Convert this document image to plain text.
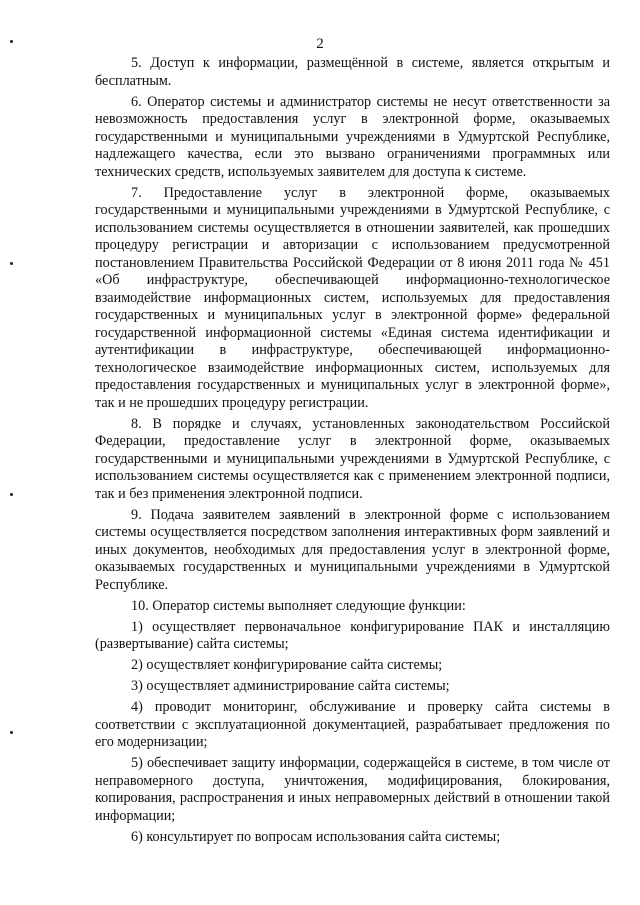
2

5. Доступ к информации, размещённой в системе, является открытым и бесплатным.

6. Оператор системы и администратор системы не несут ответственности за невозможность предоставления услуг в электронной форме, оказываемых государственными и муниципальными учреждениями в Удмуртской Республике, надлежащего качества, если это вызвано ограничениями программных или технических средств, используемых заявителем для доступа к системе.

7. Предоставление услуг в электронной форме, оказываемых государственными и муниципальными учреждениями в Удмуртской Республике, с использованием системы осуществляется в отношении заявителей, как прошедших процедуру регистрации и авторизации с использованием предусмотренной постановлением Правительства Российской Федерации от 8 июня 2011 года № 451 «Об инфраструктуре, обеспечивающей информационно-технологическое взаимодействие информационных систем, используемых для предоставления государственных и муниципальных услуг в электронной форме» федеральной государственной информационной системы «Единая система идентификации и аутентификации в инфраструктуре, обеспечивающей информационно-технологическое взаимодействие информационных систем, используемых для предоставления государственных и муниципальных услуг в электронной форме», так и не прошедших процедуру регистрации.

8. В порядке и случаях, установленных законодательством Российской Федерации, предоставление услуг в электронной форме, оказываемых государственными и муниципальными учреждениями в Удмуртской Республике, с использованием системы осуществляется как с применением электронной подписи, так и без применения электронной подписи.

9. Подача заявителем заявлений в электронной форме с использованием системы осуществляется посредством заполнения интерактивных форм заявлений и иных документов, необходимых для предоставления услуг в электронной форме, оказываемых государственных и муниципальными учреждениями в Удмуртской Республике.

10. Оператор системы выполняет следующие функции:

1) осуществляет первоначальное конфигурирование ПАК и инсталляцию (развертывание) сайта системы;

2) осуществляет конфигурирование сайта системы;

3) осуществляет администрирование сайта системы;

4) проводит мониторинг, обслуживание и проверку сайта системы в соответствии с эксплуатационной документацией, разрабатывает предложения по его модернизации;

5) обеспечивает защиту информации, содержащейся в системе, в том числе от неправомерного доступа, уничтожения, модифицирования, блокирования, копирования, распространения и иных неправомерных действий в отношении такой информации;

6) консультирует по вопросам использования сайта системы;
